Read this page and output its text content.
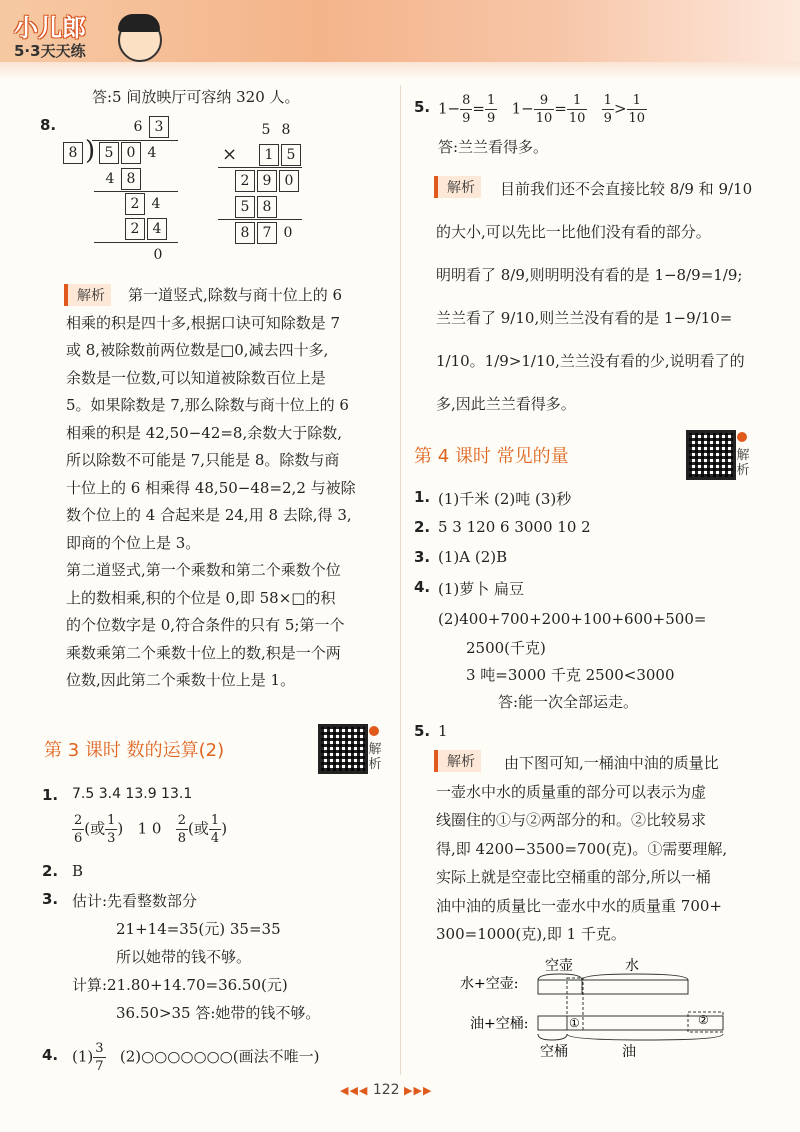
小儿郎
5·3天天练
答:5 间放映厅可容纳 320 人。
8.	6 3
8 ) 5 0 4
4 8
2 4
2 4
0
5 8
×	1 5
2 9 0
5 8
8 7 0
解析	第一道竖式,除数与商十位上的 6
相乘的积是四十多,根据口诀可知除数是 7
或 8,被除数前两位数是□0,减去四十多,
余数是一位数,可以知道被除数百位上是
5。如果除数是 7,那么除数与商十位上的 6
相乘的积是 42,50−42=8,余数大于除数,
所以除数不可能是 7,只能是 8。除数与商
十位上的 6 相乘得 48,50−48=2,2 与被除
数个位上的 4 合起来是 24,用 8 去除,得 3,
即商的个位上是 3。
第二道竖式,第一个乘数和第二个乘数个位
上的数相乘,积的个位是 0,即 58×□的积
的个位数字是 0,符合条件的只有 5;第一个
乘数乘第二个乘数十位上的数,积是一个两
位数,因此第二个乘数十位上是 1。
第 3 课时 数的运算(2)	解
析
1. 7.5 3.4 13.9 13.1
$\frac{2}{6}$ (或 $\frac{1}{3}$ ) 1 $0 \frac{2}{8}$ (或 $\frac{1}{4}$ )
2. B
3. 估计:先看整数部分
21+14=35(元) 35=35
所以她带的钱不够。
计算:21.80+14.70=36.50(元)
36.50>35 答:她带的钱不够。
4. $(1) \frac{3}{7}$ (2)○○○○○○○(画法不唯一)
5. $1- \frac{8}{9} = \frac{1}{9} 1- \frac{9}{10} = \frac{1}{10}$
$\frac{1}{9} > \frac{1}{10}$
答:兰兰看得多。
解析	目前我们还不会直接比较 8/9 和 9/10
的大小,可以先比一比他们没有看的部分。
明明看了 8/9,则明明没有看的是 1−8/9=1/9;
兰兰看了 9/10,则兰兰没有看的是 1−9/10=
1/10。1/9>1/10,兰兰没有看的少,说明看了的
多,因此兰兰看得多。
第 4 课时 常见的量	解
析
1. (1)千米 (2)吨 (3)秒
2. 5 3 120 6 3000 10 2
3. (1)A (2)B
4. (1)萝卜 扁豆
(2)400+700+200+100+600+500=
2500(千克)
3 吨=3000 千克 2500<3000
答:能一次全部运走。
5. 1
解析	由下图可知,一桶油中油的质量比
一壶水中水的质量重的部分可以表示为虚
线圈住的①与②两部分的和。②比较易求
得,即 4200−3500=700(克)。①需要理解,
实际上就是空壶比空桶重的部分,所以一桶
油中油的质量比一壶水中水的质量重 700+
300=1000(克),即 1 千克。
空壶	水
水+空壶:
油+空桶:	①	②
空桶	油
◀◀◀ 122 ▶▶▶
